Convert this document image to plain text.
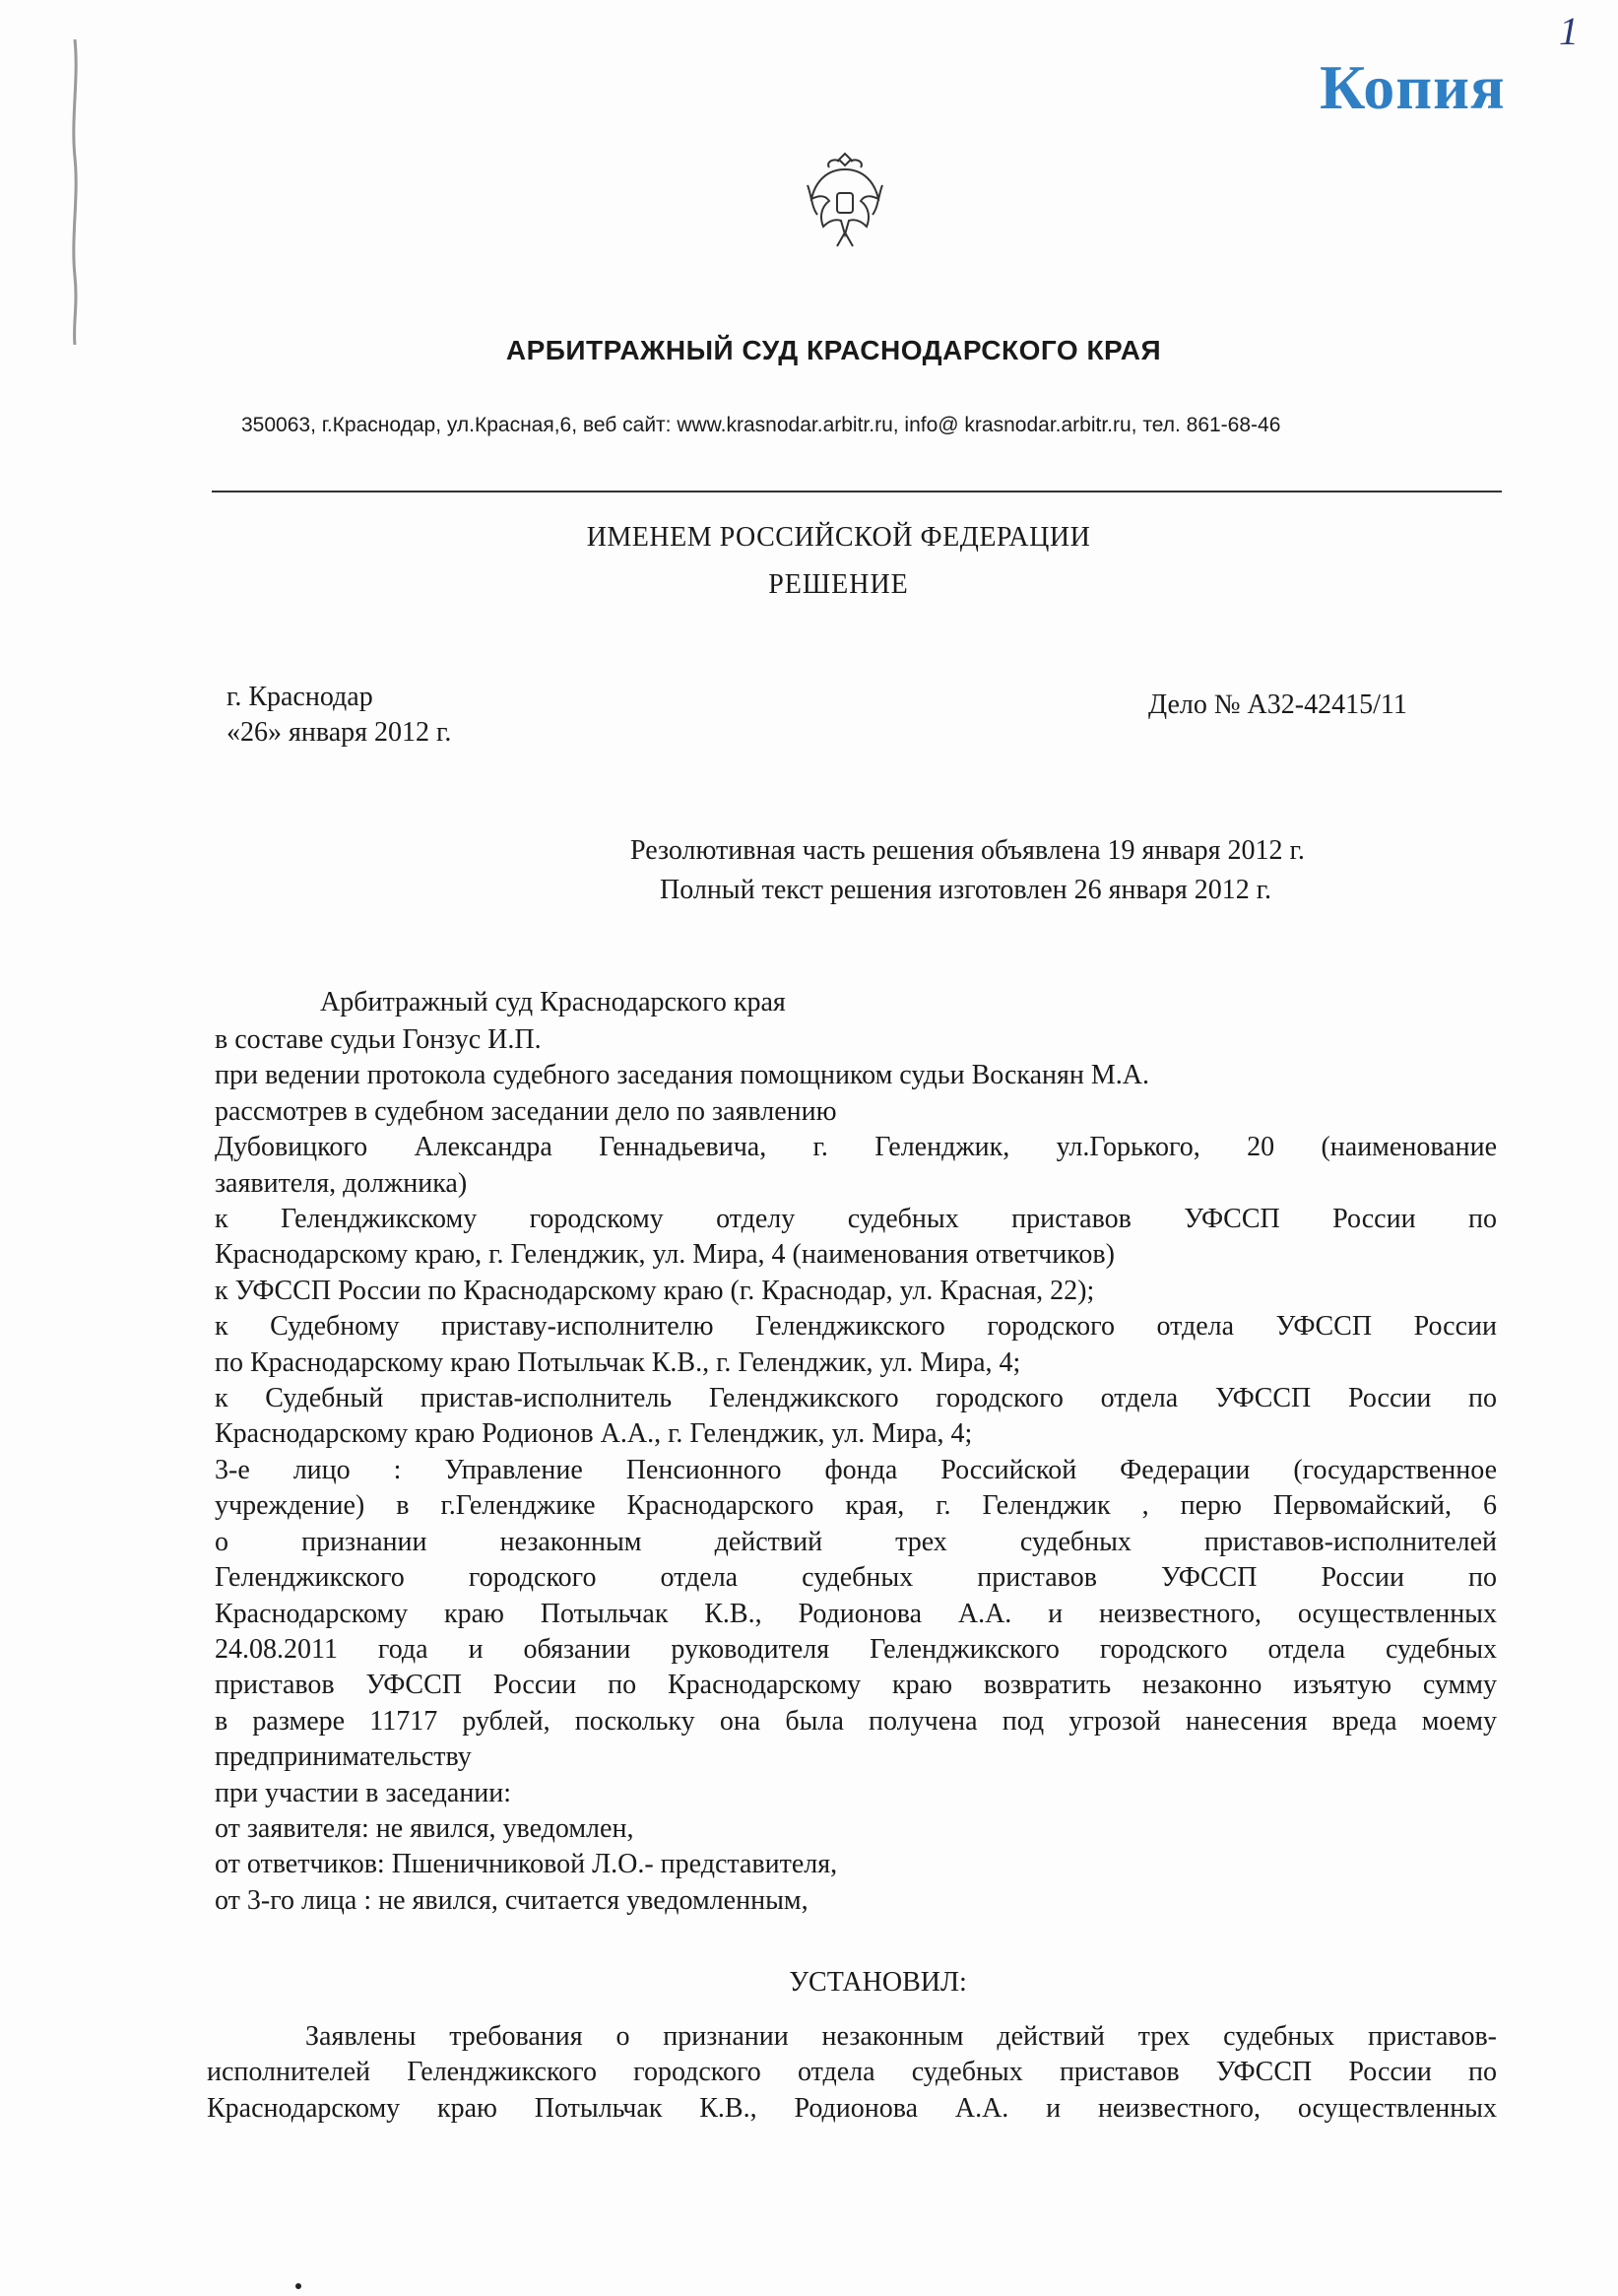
1
Копия
АРБИТРАЖНЫЙ СУД КРАСНОДАРСКОГО КРАЯ
350063, г.Краснодар, ул.Красная,6, веб сайт: www.krasnodar.arbitr.ru, info@ krasnodar.arbitr.ru, тел. 861-68-46
ИМЕНЕМ РОССИЙСКОЙ ФЕДЕРАЦИИ
РЕШЕНИЕ
г. Краснодар
«26» января 2012 г.
Дело № А32-42415/11
Резолютивная часть решения объявлена 19 января 2012 г.
Полный текст решения изготовлен 26 января 2012 г.
Арбитражный суд Краснодарского края
в составе судьи Гонзус И.П.
при ведении протокола судебного заседания помощником судьи Восканян М.А.
рассмотрев в судебном заседании дело по заявлению
Дубовицкого Александра Геннадьевича, г. Геленджик, ул.Горького, 20 (наименование
заявителя, должника)
к Геленджикскому городскому отделу судебных приставов УФССП России по
Краснодарскому краю, г. Геленджик, ул. Мира, 4 (наименования ответчиков)
к УФССП России по Краснодарскому краю (г. Краснодар, ул. Красная, 22);
к Судебному приставу-исполнителю Геленджикского городского отдела УФССП России
по Краснодарскому краю Потыльчак К.В., г. Геленджик, ул. Мира, 4;
к Судебный пристав-исполнитель Геленджикского городского отдела УФССП России по
Краснодарскому краю Родионов А.А., г. Геленджик, ул. Мира, 4;
3-е лицо : Управление Пенсионного фонда Российской Федерации (государственное
учреждение) в г.Геленджике Краснодарского края, г. Геленджик , перю Первомайский, 6
о признании незаконным действий трех судебных приставов-исполнителей
Геленджикского городского отдела судебных приставов УФССП России по
Краснодарскому краю Потыльчак К.В., Родионова А.А. и неизвестного, осуществленных
24.08.2011 года и обязании руководителя Геленджикского городского отдела судебных
приставов УФССП России по Краснодарскому краю возвратить незаконно изъятую сумму
в размере 11717 рублей, поскольку она была получена под угрозой нанесения вреда моему
предпринимательству
при участии в заседании:
от заявителя: не явился, уведомлен,
от ответчиков: Пшеничниковой Л.О.- представителя,
от 3-го лица : не явился, считается уведомленным,
УСТАНОВИЛ:
Заявлены требования о признании незаконным действий трех судебных приставов-
исполнителей Геленджикского городского отдела судебных приставов УФССП России по
Краснодарскому краю Потыльчак К.В., Родионова А.А. и неизвестного, осуществленных
